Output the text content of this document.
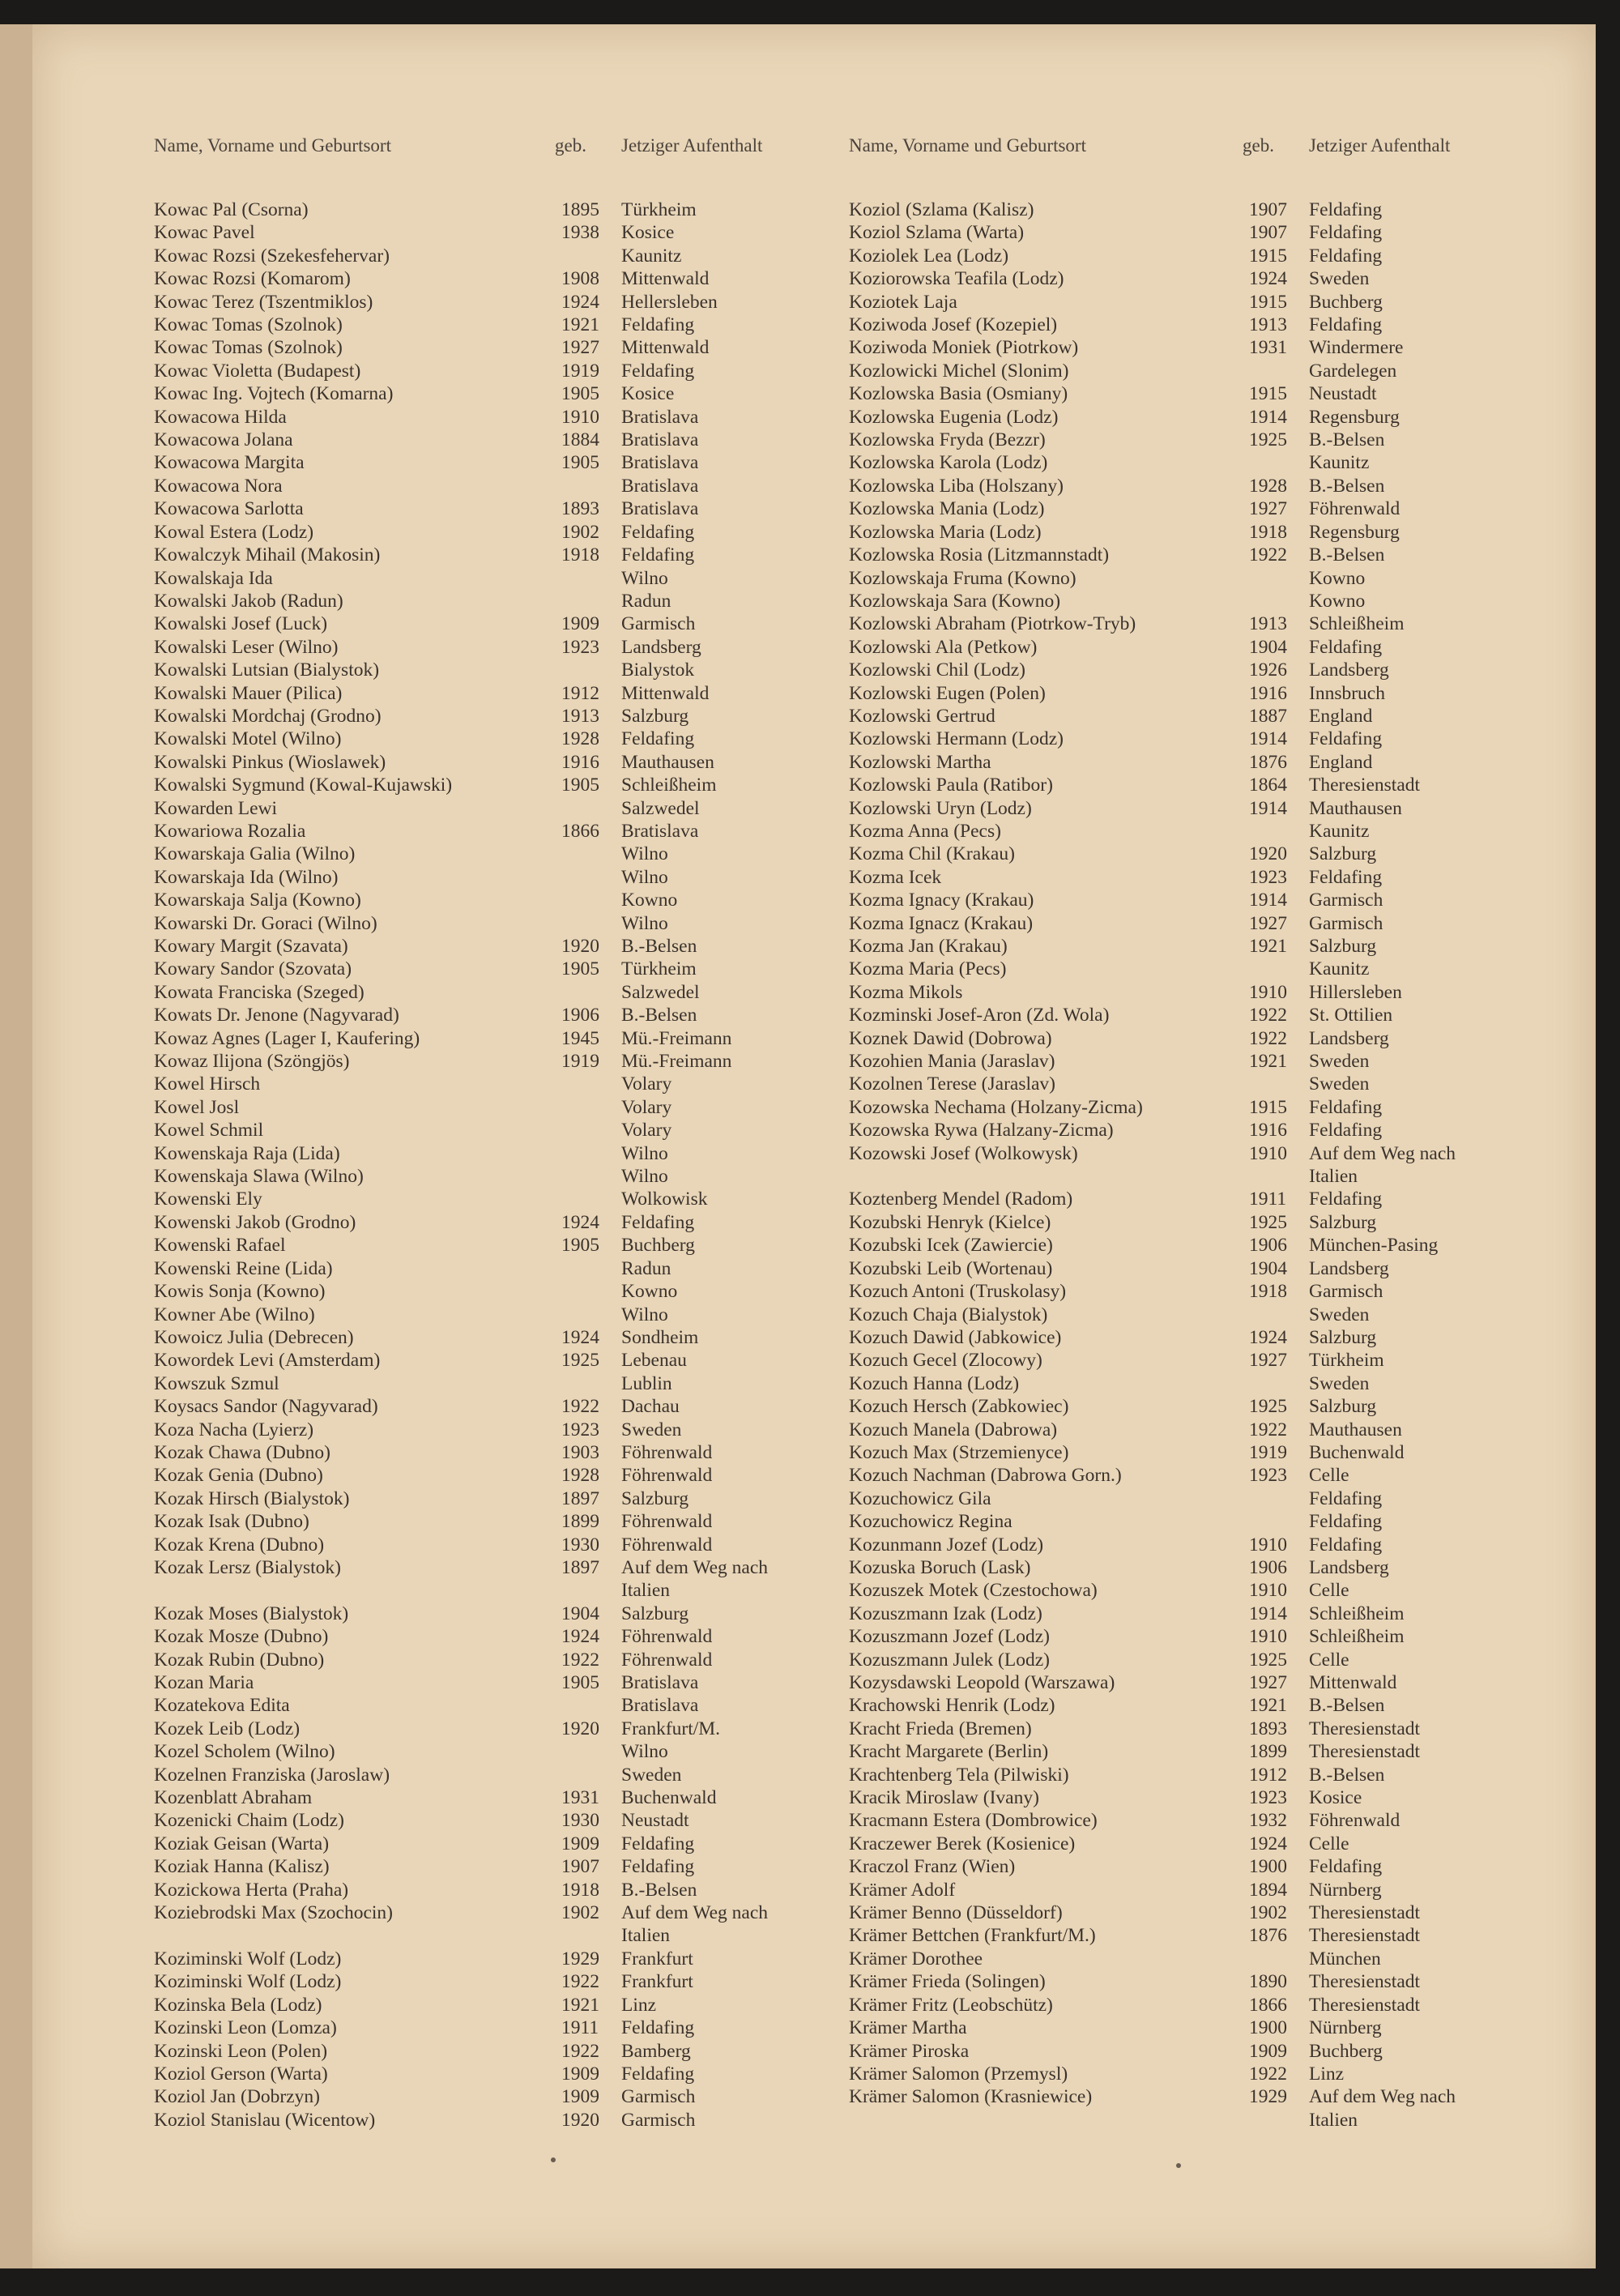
Name, Vorname und Geburtsort	geb.	Jetziger Aufenthalt
Kowac Pal (Csorna)	1895	Türkheim
Kowac Pavel	1938	Kosice
Kowac Rozsi (Szekesfehervar)	Kaunitz
Kowac Rozsi (Komarom)	1908	Mittenwald
Kowac Terez (Tszentmiklos)	1924	Hellersleben
Kowac Tomas (Szolnok)	1921	Feldafing
Kowac Tomas (Szolnok)	1927	Mittenwald
Kowac Violetta (Budapest)	1919	Feldafing
Kowac Ing. Vojtech (Komarna)	1905	Kosice
Kowacowa Hilda	1910	Bratislava
Kowacowa Jolana	1884	Bratislava
Kowacowa Margita	1905	Bratislava
Kowacowa Nora	Bratislava
Kowacowa Sarlotta	1893	Bratislava
Kowal Estera (Lodz)	1902	Feldafing
Kowalczyk Mihail (Makosin)	1918	Feldafing
Kowalskaja Ida	Wilno
Kowalski Jakob (Radun)	Radun
Kowalski Josef (Luck)	1909	Garmisch
Kowalski Leser (Wilno)	1923	Landsberg
Kowalski Lutsian (Bialystok)	Bialystok
Kowalski Mauer (Pilica)	1912	Mittenwald
Kowalski Mordchaj (Grodno)	1913	Salzburg
Kowalski Motel (Wilno)	1928	Feldafing
Kowalski Pinkus (Wioslawek)	1916	Mauthausen
Kowalski Sygmund (Kowal-Kujawski)	1905	Schleißheim
Kowarden Lewi	Salzwedel
Kowariowa Rozalia	1866	Bratislava
Kowarskaja Galia (Wilno)	Wilno
Kowarskaja Ida (Wilno)	Wilno
Kowarskaja Salja (Kowno)	Kowno
Kowarski Dr. Goraci (Wilno)	Wilno
Kowary Margit (Szavata)	1920	B.-Belsen
Kowary Sandor (Szovata)	1905	Türkheim
Kowata Franciska (Szeged)	Salzwedel
Kowats Dr. Jenone (Nagyvarad)	1906	B.-Belsen
Kowaz Agnes (Lager I, Kaufering)	1945	Mü.-Freimann
Kowaz Ilijona (Szöngjös)	1919	Mü.-Freimann
Kowel Hirsch	Volary
Kowel Josl	Volary
Kowel Schmil	Volary
Kowenskaja Raja (Lida)	Wilno
Kowenskaja Slawa (Wilno)	Wilno
Kowenski Ely	Wolkowisk
Kowenski Jakob (Grodno)	1924	Feldafing
Kowenski Rafael	1905	Buchberg
Kowenski Reine (Lida)	Radun
Kowis Sonja (Kowno)	Kowno
Kowner Abe (Wilno)	Wilno
Kowoicz Julia (Debrecen)	1924	Sondheim
Kowordek Levi (Amsterdam)	1925	Lebenau
Kowszuk Szmul	Lublin
Koysacs Sandor (Nagyvarad)	1922	Dachau
Koza Nacha (Lyierz)	1923	Sweden
Kozak Chawa (Dubno)	1903	Föhrenwald
Kozak Genia (Dubno)	1928	Föhrenwald
Kozak Hirsch (Bialystok)	1897	Salzburg
Kozak Isak (Dubno)	1899	Föhrenwald
Kozak Krena (Dubno)	1930	Föhrenwald
Kozak Lersz (Bialystok)	1897	Auf dem Weg nach
Italien
Kozak Moses (Bialystok)	1904	Salzburg
Kozak Mosze (Dubno)	1924	Föhrenwald
Kozak Rubin (Dubno)	1922	Föhrenwald
Kozan Maria	1905	Bratislava
Kozatekova Edita	Bratislava
Kozek Leib (Lodz)	1920	Frankfurt/M.
Kozel Scholem (Wilno)	Wilno
Kozelnen Franziska (Jaroslaw)	Sweden
Kozenblatt Abraham	1931	Buchenwald
Kozenicki Chaim (Lodz)	1930	Neustadt
Koziak Geisan (Warta)	1909	Feldafing
Koziak Hanna (Kalisz)	1907	Feldafing
Kozickowa Herta (Praha)	1918	B.-Belsen
Koziebrodski Max (Szochocin)	1902	Auf dem Weg nach
Italien
Koziminski Wolf (Lodz)	1929	Frankfurt
Koziminski Wolf (Lodz)	1922	Frankfurt
Kozinska Bela (Lodz)	1921	Linz
Kozinski Leon (Lomza)	1911	Feldafing
Kozinski Leon (Polen)	1922	Bamberg
Koziol Gerson (Warta)	1909	Feldafing
Koziol Jan (Dobrzyn)	1909	Garmisch
Koziol Stanislau (Wicentow)	1920	Garmisch
Name, Vorname und Geburtsort	geb.	Jetziger Aufenthalt
Koziol (Szlama (Kalisz)	1907	Feldafing
Koziol Szlama (Warta)	1907	Feldafing
Koziolek Lea (Lodz)	1915	Feldafing
Koziorowska Teafila (Lodz)	1924	Sweden
Koziotek Laja	1915	Buchberg
Koziwoda Josef (Kozepiel)	1913	Feldafing
Koziwoda Moniek (Piotrkow)	1931	Windermere
Kozlowicki Michel (Slonim)	Gardelegen
Kozlowska Basia (Osmiany)	1915	Neustadt
Kozlowska Eugenia (Lodz)	1914	Regensburg
Kozlowska Fryda (Bezzr)	1925	B.-Belsen
Kozlowska Karola (Lodz)	Kaunitz
Kozlowska Liba (Holszany)	1928	B.-Belsen
Kozlowska Mania (Lodz)	1927	Föhrenwald
Kozlowska Maria (Lodz)	1918	Regensburg
Kozlowska Rosia (Litzmannstadt)	1922	B.-Belsen
Kozlowskaja Fruma (Kowno)	Kowno
Kozlowskaja Sara (Kowno)	Kowno
Kozlowski Abraham (Piotrkow-Tryb)	1913	Schleißheim
Kozlowski Ala (Petkow)	1904	Feldafing
Kozlowski Chil (Lodz)	1926	Landsberg
Kozlowski Eugen (Polen)	1916	Innsbruch
Kozlowski Gertrud	1887	England
Kozlowski Hermann (Lodz)	1914	Feldafing
Kozlowski Martha	1876	England
Kozlowski Paula (Ratibor)	1864	Theresienstadt
Kozlowski Uryn (Lodz)	1914	Mauthausen
Kozma Anna (Pecs)	Kaunitz
Kozma Chil (Krakau)	1920	Salzburg
Kozma Icek	1923	Feldafing
Kozma Ignacy (Krakau)	1914	Garmisch
Kozma Ignacz (Krakau)	1927	Garmisch
Kozma Jan (Krakau)	1921	Salzburg
Kozma Maria (Pecs)	Kaunitz
Kozma Mikols	1910	Hillersleben
Kozminski Josef-Aron (Zd. Wola)	1922	St. Ottilien
Koznek Dawid (Dobrowa)	1922	Landsberg
Kozohien Mania (Jaraslav)	1921	Sweden
Kozolnen Terese (Jaraslav)	Sweden
Kozowska Nechama (Holzany-Zicma)	1915	Feldafing
Kozowska Rywa (Halzany-Zicma)	1916	Feldafing
Kozowski Josef (Wolkowysk)	1910	Auf dem Weg nach
Italien
Koztenberg Mendel (Radom)	1911	Feldafing
Kozubski Henryk (Kielce)	1925	Salzburg
Kozubski Icek (Zawiercie)	1906	München-Pasing
Kozubski Leib (Wortenau)	1904	Landsberg
Kozuch Antoni (Truskolasy)	1918	Garmisch
Kozuch Chaja (Bialystok)	Sweden
Kozuch Dawid (Jabkowice)	1924	Salzburg
Kozuch Gecel (Zlocowy)	1927	Türkheim
Kozuch Hanna (Lodz)	Sweden
Kozuch Hersch (Zabkowiec)	1925	Salzburg
Kozuch Manela (Dabrowa)	1922	Mauthausen
Kozuch Max (Strzemienyce)	1919	Buchenwald
Kozuch Nachman (Dabrowa Gorn.)	1923	Celle
Kozuchowicz Gila	Feldafing
Kozuchowicz Regina	Feldafing
Kozunmann Jozef (Lodz)	1910	Feldafing
Kozuska Boruch (Lask)	1906	Landsberg
Kozuszek Motek (Czestochowa)	1910	Celle
Kozuszmann Izak (Lodz)	1914	Schleißheim
Kozuszmann Jozef (Lodz)	1910	Schleißheim
Kozuszmann Julek (Lodz)	1925	Celle
Kozysdawski Leopold (Warszawa)	1927	Mittenwald
Krachowski Henrik (Lodz)	1921	B.-Belsen
Kracht Frieda (Bremen)	1893	Theresienstadt
Kracht Margarete (Berlin)	1899	Theresienstadt
Krachtenberg Tela (Pilwiski)	1912	B.-Belsen
Kracik Miroslaw (Ivany)	1923	Kosice
Kracmann Estera (Dombrowice)	1932	Föhrenwald
Kraczewer Berek (Kosienice)	1924	Celle
Kraczol Franz (Wien)	1900	Feldafing
Krämer Adolf	1894	Nürnberg
Krämer Benno (Düsseldorf)	1902	Theresienstadt
Krämer Bettchen (Frankfurt/M.)	1876	Theresienstadt
Krämer Dorothee	München
Krämer Frieda (Solingen)	1890	Theresienstadt
Krämer Fritz (Leobschütz)	1866	Theresienstadt
Krämer Martha	1900	Nürnberg
Krämer Piroska	1909	Buchberg
Krämer Salomon (Przemysl)	1922	Linz
Krämer Salomon (Krasniewice)	1929	Auf dem Weg nach
Italien
